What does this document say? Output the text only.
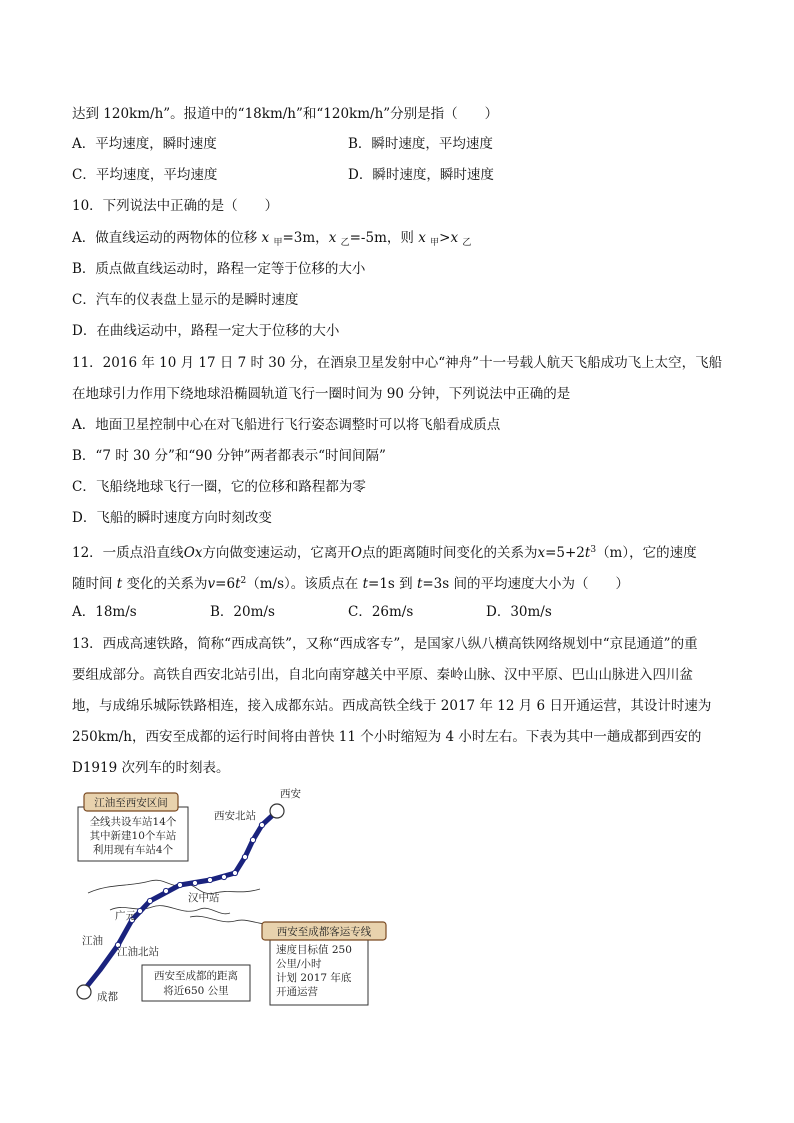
达到 120km/h”。报道中的“18km/h”和“120km/h”分别是指（　　）
A．平均速度，瞬时速度	B．瞬时速度，平均速度
C．平均速度，平均速度	D．瞬时速度，瞬时速度
10．下列说法中正确的是（　　）
A．做直线运动的两物体的位移 x $_甲$=3m，x $_乙$=-5m，则 x $_甲$>x $_乙$
B．质点做直线运动时，路程一定等于位移的大小
C．汽车的仪表盘上显示的是瞬时速度
D．在曲线运动中，路程一定大于位移的大小
11．2016 年 10 月 17 日 7 时 30 分，在酒泉卫星发射中心“神舟”十一号载人航天飞船成功飞上太空，飞船
在地球引力作用下绕地球沿椭圆轨道飞行一圈时间为 90 分钟，下列说法中正确的是
A．地面卫星控制中心在对飞船进行飞行姿态调整时可以将飞船看成质点
B．“7 时 30 分”和“90 分钟”两者都表示“时间间隔”
C．飞船绕地球飞行一圈，它的位移和路程都为零
D．飞船的瞬时速度方向时刻改变
12．一质点沿直线Ox方向做变速运动，它离开O点的距离随时间变化的关系为$x=5+2t^3(m)$，它的速度
随时间 t 变化的关系为$v=6t^2(m/s)$。该质点在 t=1s 到 t=3s 间的平均速度大小为（　　）
A．18m/s	B．20m/s	C．26m/s	D．30m/s
13．西成高速铁路，简称“西成高铁”，又称“西成客专”，是国家八纵八横高铁网络规划中“京昆通道”的重
要组成部分。高铁自西安北站引出，自北向南穿越关中平原、秦岭山脉、汉中平原、巴山山脉进入四川盆
地，与成绵乐城际铁路相连，接入成都东站。西成高铁全线于 2017 年 12 月 6 日开通运营，其设计时速为
250km/h，西安至成都的运行时间将由普快 11 个小时缩短为 4 小时左右。下表为其中一趟成都到西安的
D1919 次列车的时刻表。
西安
西安北站
汉中站
广元
江油
江油北站
成都
江油至西安区间
全线共设车站14个
其中新建10个车站
利用现有车站4个
西安至成都的距离
将近650 公里
西安至成都客运专线
速度目标值 250
公里/小时
计划 2017 年底
开通运营
